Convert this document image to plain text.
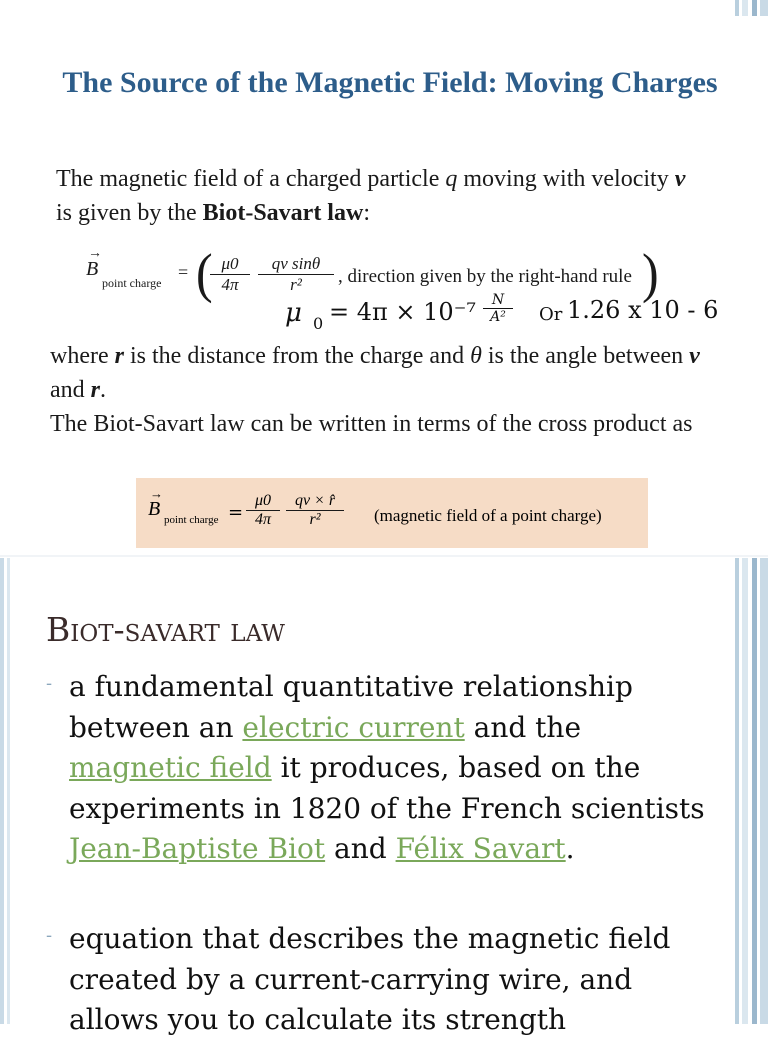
The Source of the Magnetic Field: Moving Charges
The magnetic field of a charged particle q moving with velocity v is given by the Biot-Savart law:
→
B
point charge
= (
$\frac{\mu 0}{4\pi} \frac{\text{qv sinθ}}{\text{r²}}$ , direction given by the right-hand rule )
μ $0 = 4\pi \times 10^{-7} \frac{N}{\text{A²}}$ Or 1.26 x 10 - 6
where r is the distance from the charge and θ is the angle between v and r.
The Biot-Savart law can be written in terms of the cross product as
→
B point charge = $\frac{\mu 0}{4\pi} \frac{qv \times r̂}{\text{r²}}$ (magnetic field of a point charge)
Biot-savart law
- a fundamental quantitative relationship between an electric current and the magnetic field it produces, based on the experiments in 1820 of the French scientists Jean-Baptiste Biot and Félix Savart.
- equation that describes the magnetic field created by a current-carrying wire, and allows you to calculate its strength
